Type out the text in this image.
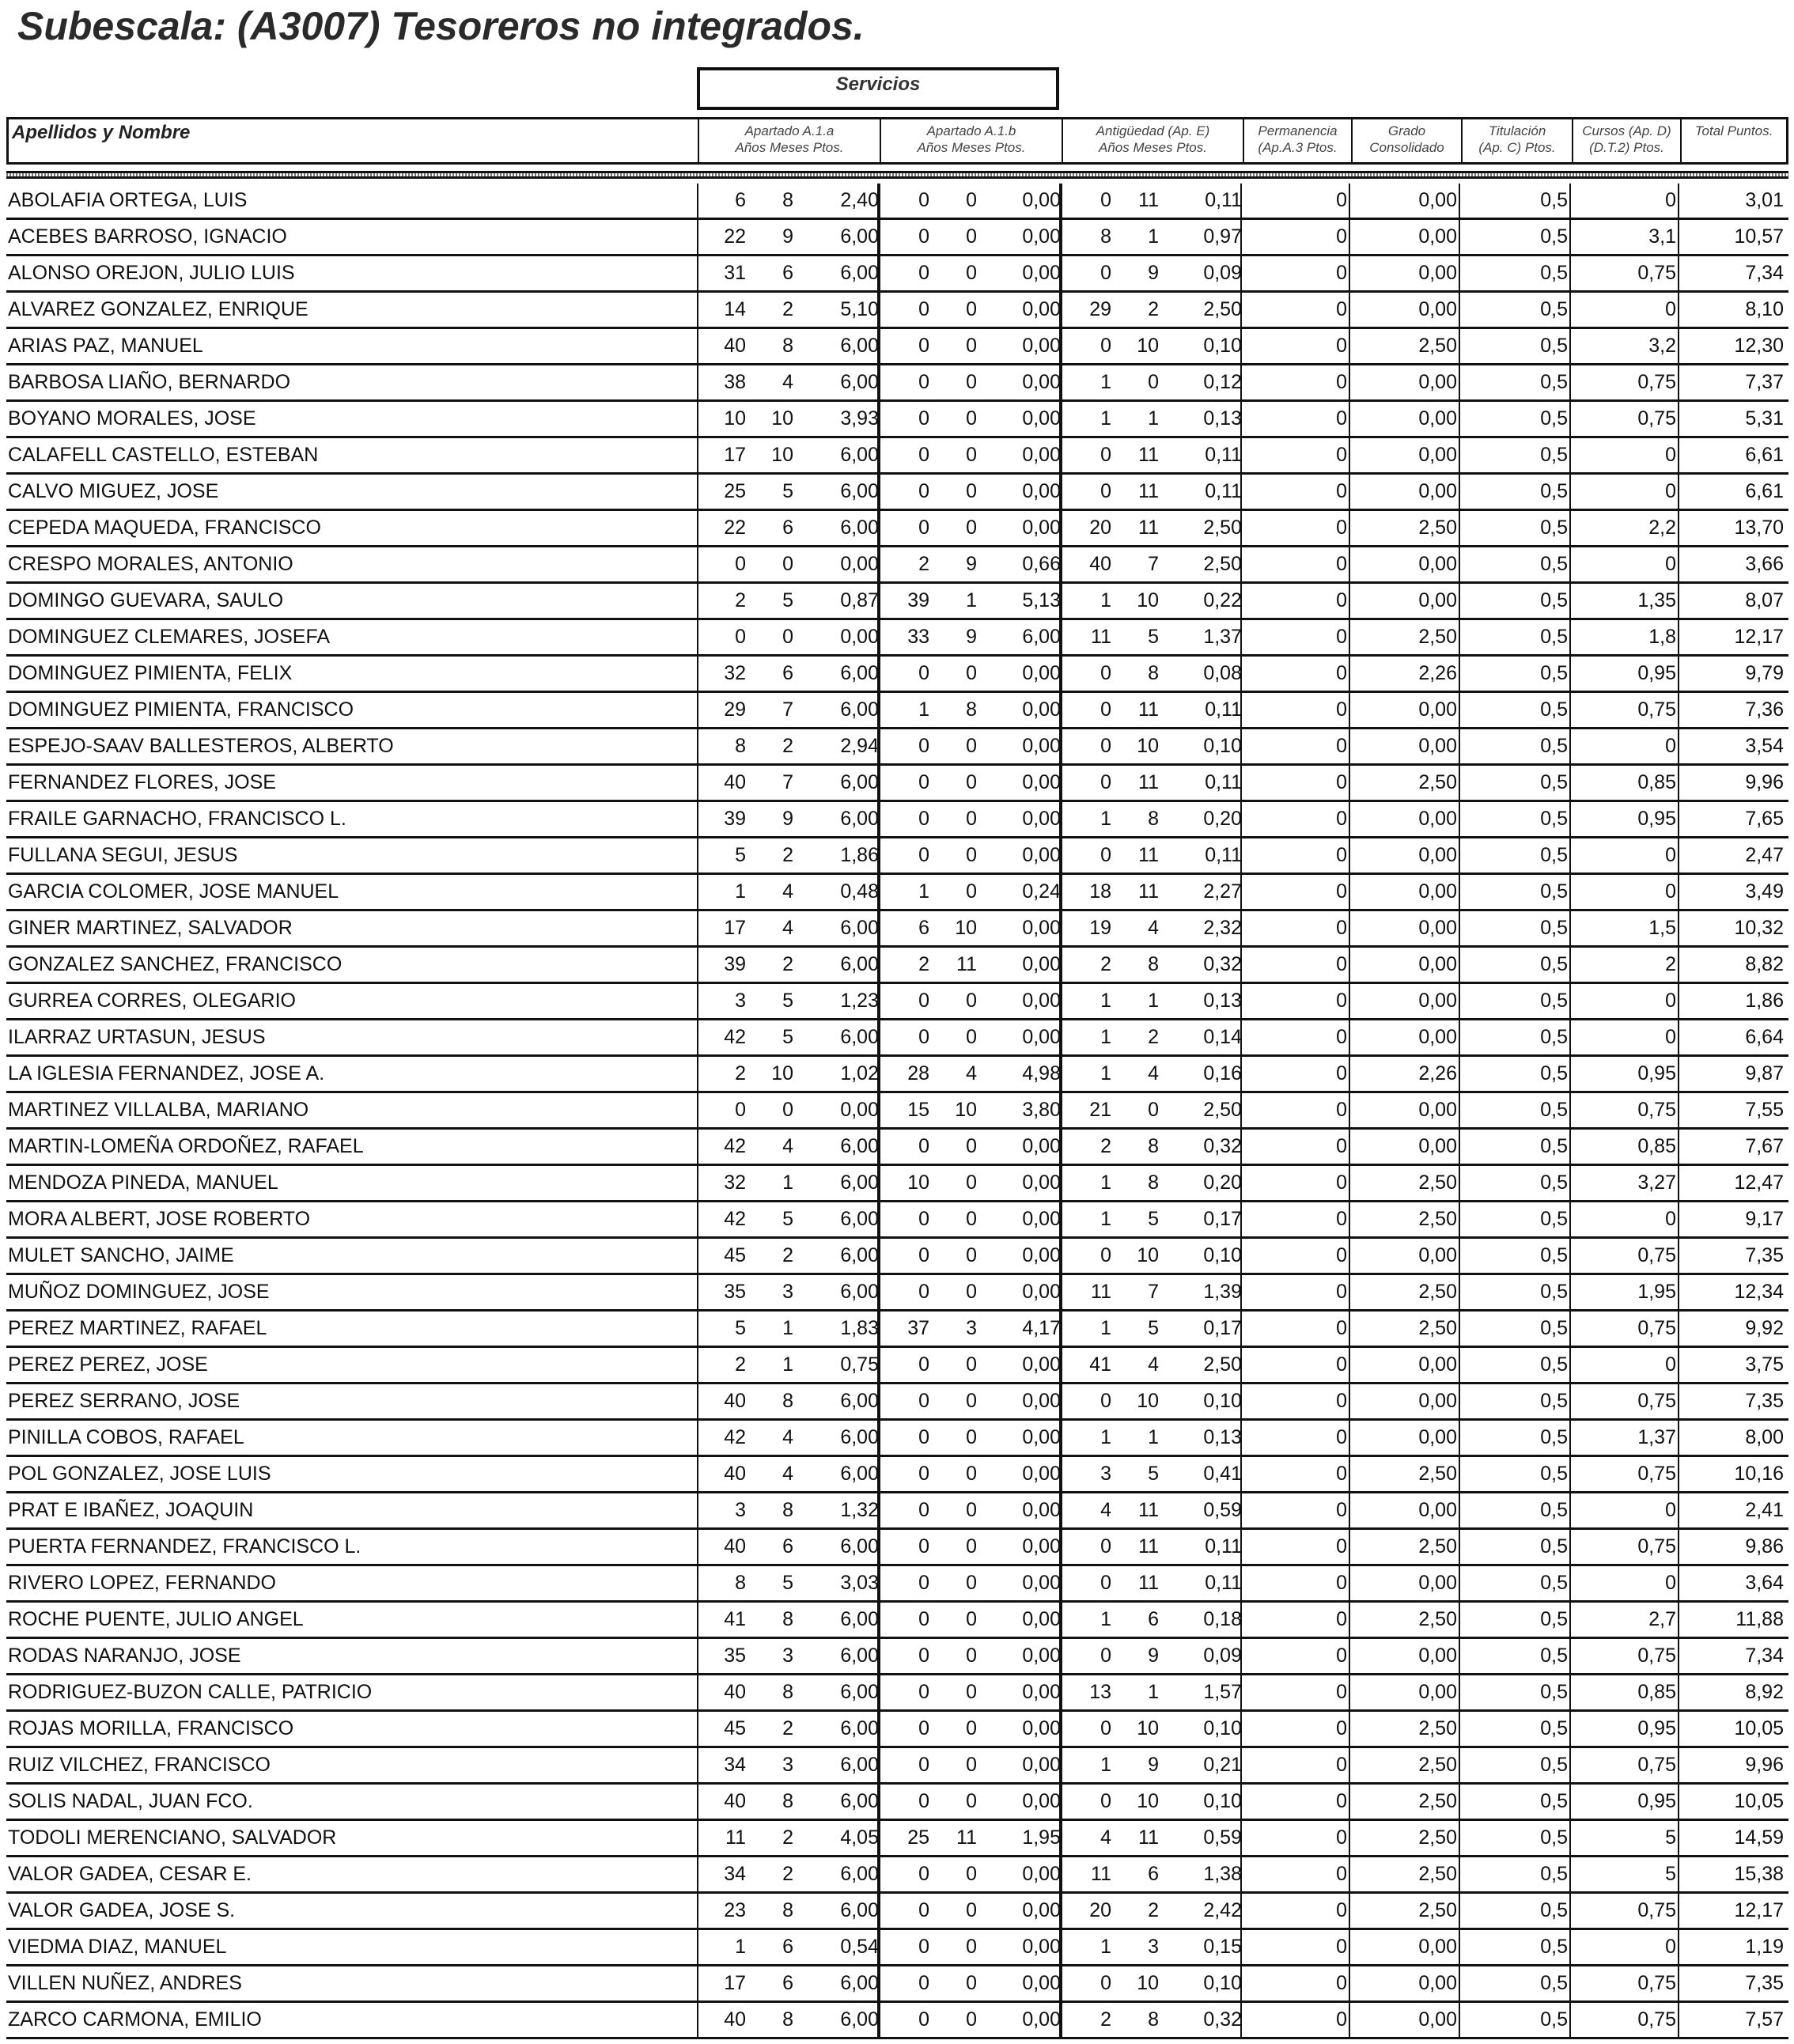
Subescala: (A3007) Tesoreros no integrados.
Servicios
Apellidos y Nombre	Apartado A.1.a
Años Meses Ptos.
Apartado A.1.b
Años Meses Ptos.
Antigüedad (Ap. E)
Años Meses Ptos.
Permanencia
(Ap.A.3 Ptos.
Grado
Consolidado
Titulación
(Ap. C) Ptos.
Cursos (Ap. D)
(D.T.2) Ptos.
Total Puntos.
ABOLAFIA ORTEGA, LUIS	6	8	2,40	0	0	0,00	0	11	0,11	0	0,00	0,5	0	3,01
ACEBES BARROSO, IGNACIO	22	9	6,00	0	0	0,00	8	1	0,97	0	0,00	0,5	3,1	10,57
ALONSO OREJON, JULIO LUIS	31	6	6,00	0	0	0,00	0	9	0,09	0	0,00	0,5	0,75	7,34
ALVAREZ GONZALEZ, ENRIQUE	14	2	5,10	0	0	0,00	29	2	2,50	0	0,00	0,5	0	8,10
ARIAS PAZ, MANUEL	40	8	6,00	0	0	0,00	0	10	0,10	0	2,50	0,5	3,2	12,30
BARBOSA LIAÑO, BERNARDO	38	4	6,00	0	0	0,00	1	0	0,12	0	0,00	0,5	0,75	7,37
BOYANO MORALES, JOSE	10	10	3,93	0	0	0,00	1	1	0,13	0	0,00	0,5	0,75	5,31
CALAFELL CASTELLO, ESTEBAN	17	10	6,00	0	0	0,00	0	11	0,11	0	0,00	0,5	0	6,61
CALVO MIGUEZ, JOSE	25	5	6,00	0	0	0,00	0	11	0,11	0	0,00	0,5	0	6,61
CEPEDA MAQUEDA, FRANCISCO	22	6	6,00	0	0	0,00	20	11	2,50	0	2,50	0,5	2,2	13,70
CRESPO MORALES, ANTONIO	0	0	0,00	2	9	0,66	40	7	2,50	0	0,00	0,5	0	3,66
DOMINGO GUEVARA, SAULO	2	5	0,87	39	1	5,13	1	10	0,22	0	0,00	0,5	1,35	8,07
DOMINGUEZ CLEMARES, JOSEFA	0	0	0,00	33	9	6,00	11	5	1,37	0	2,50	0,5	1,8	12,17
DOMINGUEZ PIMIENTA, FELIX	32	6	6,00	0	0	0,00	0	8	0,08	0	2,26	0,5	0,95	9,79
DOMINGUEZ PIMIENTA, FRANCISCO	29	7	6,00	1	8	0,00	0	11	0,11	0	0,00	0,5	0,75	7,36
ESPEJO-SAAV BALLESTEROS, ALBERTO	8	2	2,94	0	0	0,00	0	10	0,10	0	0,00	0,5	0	3,54
FERNANDEZ FLORES, JOSE	40	7	6,00	0	0	0,00	0	11	0,11	0	2,50	0,5	0,85	9,96
FRAILE GARNACHO, FRANCISCO L.	39	9	6,00	0	0	0,00	1	8	0,20	0	0,00	0,5	0,95	7,65
FULLANA SEGUI, JESUS	5	2	1,86	0	0	0,00	0	11	0,11	0	0,00	0,5	0	2,47
GARCIA COLOMER, JOSE MANUEL	1	4	0,48	1	0	0,24	18	11	2,27	0	0,00	0,5	0	3,49
GINER MARTINEZ, SALVADOR	17	4	6,00	6	10	0,00	19	4	2,32	0	0,00	0,5	1,5	10,32
GONZALEZ SANCHEZ, FRANCISCO	39	2	6,00	2	11	0,00	2	8	0,32	0	0,00	0,5	2	8,82
GURREA CORRES, OLEGARIO	3	5	1,23	0	0	0,00	1	1	0,13	0	0,00	0,5	0	1,86
ILARRAZ URTASUN, JESUS	42	5	6,00	0	0	0,00	1	2	0,14	0	0,00	0,5	0	6,64
LA IGLESIA FERNANDEZ, JOSE A.	2	10	1,02	28	4	4,98	1	4	0,16	0	2,26	0,5	0,95	9,87
MARTINEZ VILLALBA, MARIANO	0	0	0,00	15	10	3,80	21	0	2,50	0	0,00	0,5	0,75	7,55
MARTIN-LOMEÑA ORDOÑEZ, RAFAEL	42	4	6,00	0	0	0,00	2	8	0,32	0	0,00	0,5	0,85	7,67
MENDOZA PINEDA, MANUEL	32	1	6,00	10	0	0,00	1	8	0,20	0	2,50	0,5	3,27	12,47
MORA ALBERT, JOSE ROBERTO	42	5	6,00	0	0	0,00	1	5	0,17	0	2,50	0,5	0	9,17
MULET SANCHO, JAIME	45	2	6,00	0	0	0,00	0	10	0,10	0	0,00	0,5	0,75	7,35
MUÑOZ DOMINGUEZ, JOSE	35	3	6,00	0	0	0,00	11	7	1,39	0	2,50	0,5	1,95	12,34
PEREZ MARTINEZ, RAFAEL	5	1	1,83	37	3	4,17	1	5	0,17	0	2,50	0,5	0,75	9,92
PEREZ PEREZ, JOSE	2	1	0,75	0	0	0,00	41	4	2,50	0	0,00	0,5	0	3,75
PEREZ SERRANO, JOSE	40	8	6,00	0	0	0,00	0	10	0,10	0	0,00	0,5	0,75	7,35
PINILLA COBOS, RAFAEL	42	4	6,00	0	0	0,00	1	1	0,13	0	0,00	0,5	1,37	8,00
POL GONZALEZ, JOSE LUIS	40	4	6,00	0	0	0,00	3	5	0,41	0	2,50	0,5	0,75	10,16
PRAT E IBAÑEZ, JOAQUIN	3	8	1,32	0	0	0,00	4	11	0,59	0	0,00	0,5	0	2,41
PUERTA FERNANDEZ, FRANCISCO L.	40	6	6,00	0	0	0,00	0	11	0,11	0	2,50	0,5	0,75	9,86
RIVERO LOPEZ, FERNANDO	8	5	3,03	0	0	0,00	0	11	0,11	0	0,00	0,5	0	3,64
ROCHE PUENTE, JULIO ANGEL	41	8	6,00	0	0	0,00	1	6	0,18	0	2,50	0,5	2,7	11,88
RODAS NARANJO, JOSE	35	3	6,00	0	0	0,00	0	9	0,09	0	0,00	0,5	0,75	7,34
RODRIGUEZ-BUZON CALLE, PATRICIO	40	8	6,00	0	0	0,00	13	1	1,57	0	0,00	0,5	0,85	8,92
ROJAS MORILLA, FRANCISCO	45	2	6,00	0	0	0,00	0	10	0,10	0	2,50	0,5	0,95	10,05
RUIZ VILCHEZ, FRANCISCO	34	3	6,00	0	0	0,00	1	9	0,21	0	2,50	0,5	0,75	9,96
SOLIS NADAL, JUAN FCO.	40	8	6,00	0	0	0,00	0	10	0,10	0	2,50	0,5	0,95	10,05
TODOLI MERENCIANO, SALVADOR	11	2	4,05	25	11	1,95	4	11	0,59	0	2,50	0,5	5	14,59
VALOR GADEA, CESAR E.	34	2	6,00	0	0	0,00	11	6	1,38	0	2,50	0,5	5	15,38
VALOR GADEA, JOSE S.	23	8	6,00	0	0	0,00	20	2	2,42	0	2,50	0,5	0,75	12,17
VIEDMA DIAZ, MANUEL	1	6	0,54	0	0	0,00	1	3	0,15	0	0,00	0,5	0	1,19
VILLEN NUÑEZ, ANDRES	17	6	6,00	0	0	0,00	0	10	0,10	0	0,00	0,5	0,75	7,35
ZARCO CARMONA, EMILIO	40	8	6,00	0	0	0,00	2	8	0,32	0	0,00	0,5	0,75	7,57
